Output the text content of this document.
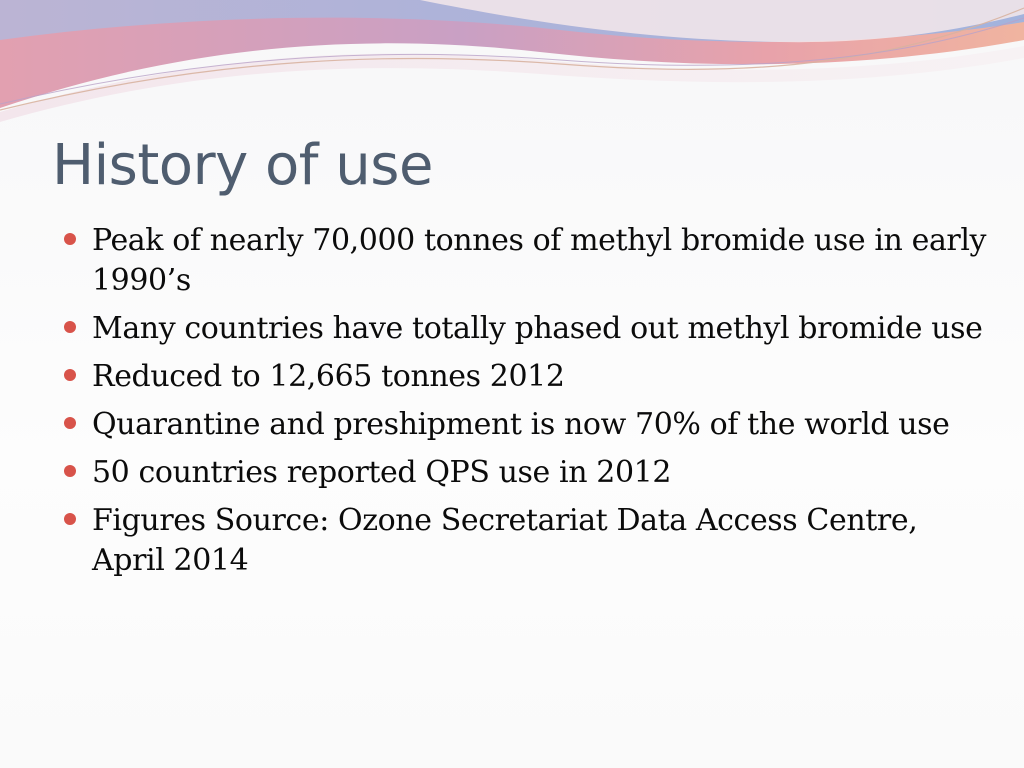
History of use
Peak of nearly 70,000 tonnes of methyl bromide use in early 1990’s
Many countries have totally phased out methyl bromide use
Reduced to 12,665 tonnes 2012
Quarantine and preshipment is now 70% of the world use
50 countries reported QPS use in 2012
Figures Source: Ozone Secretariat Data Access Centre, April 2014
